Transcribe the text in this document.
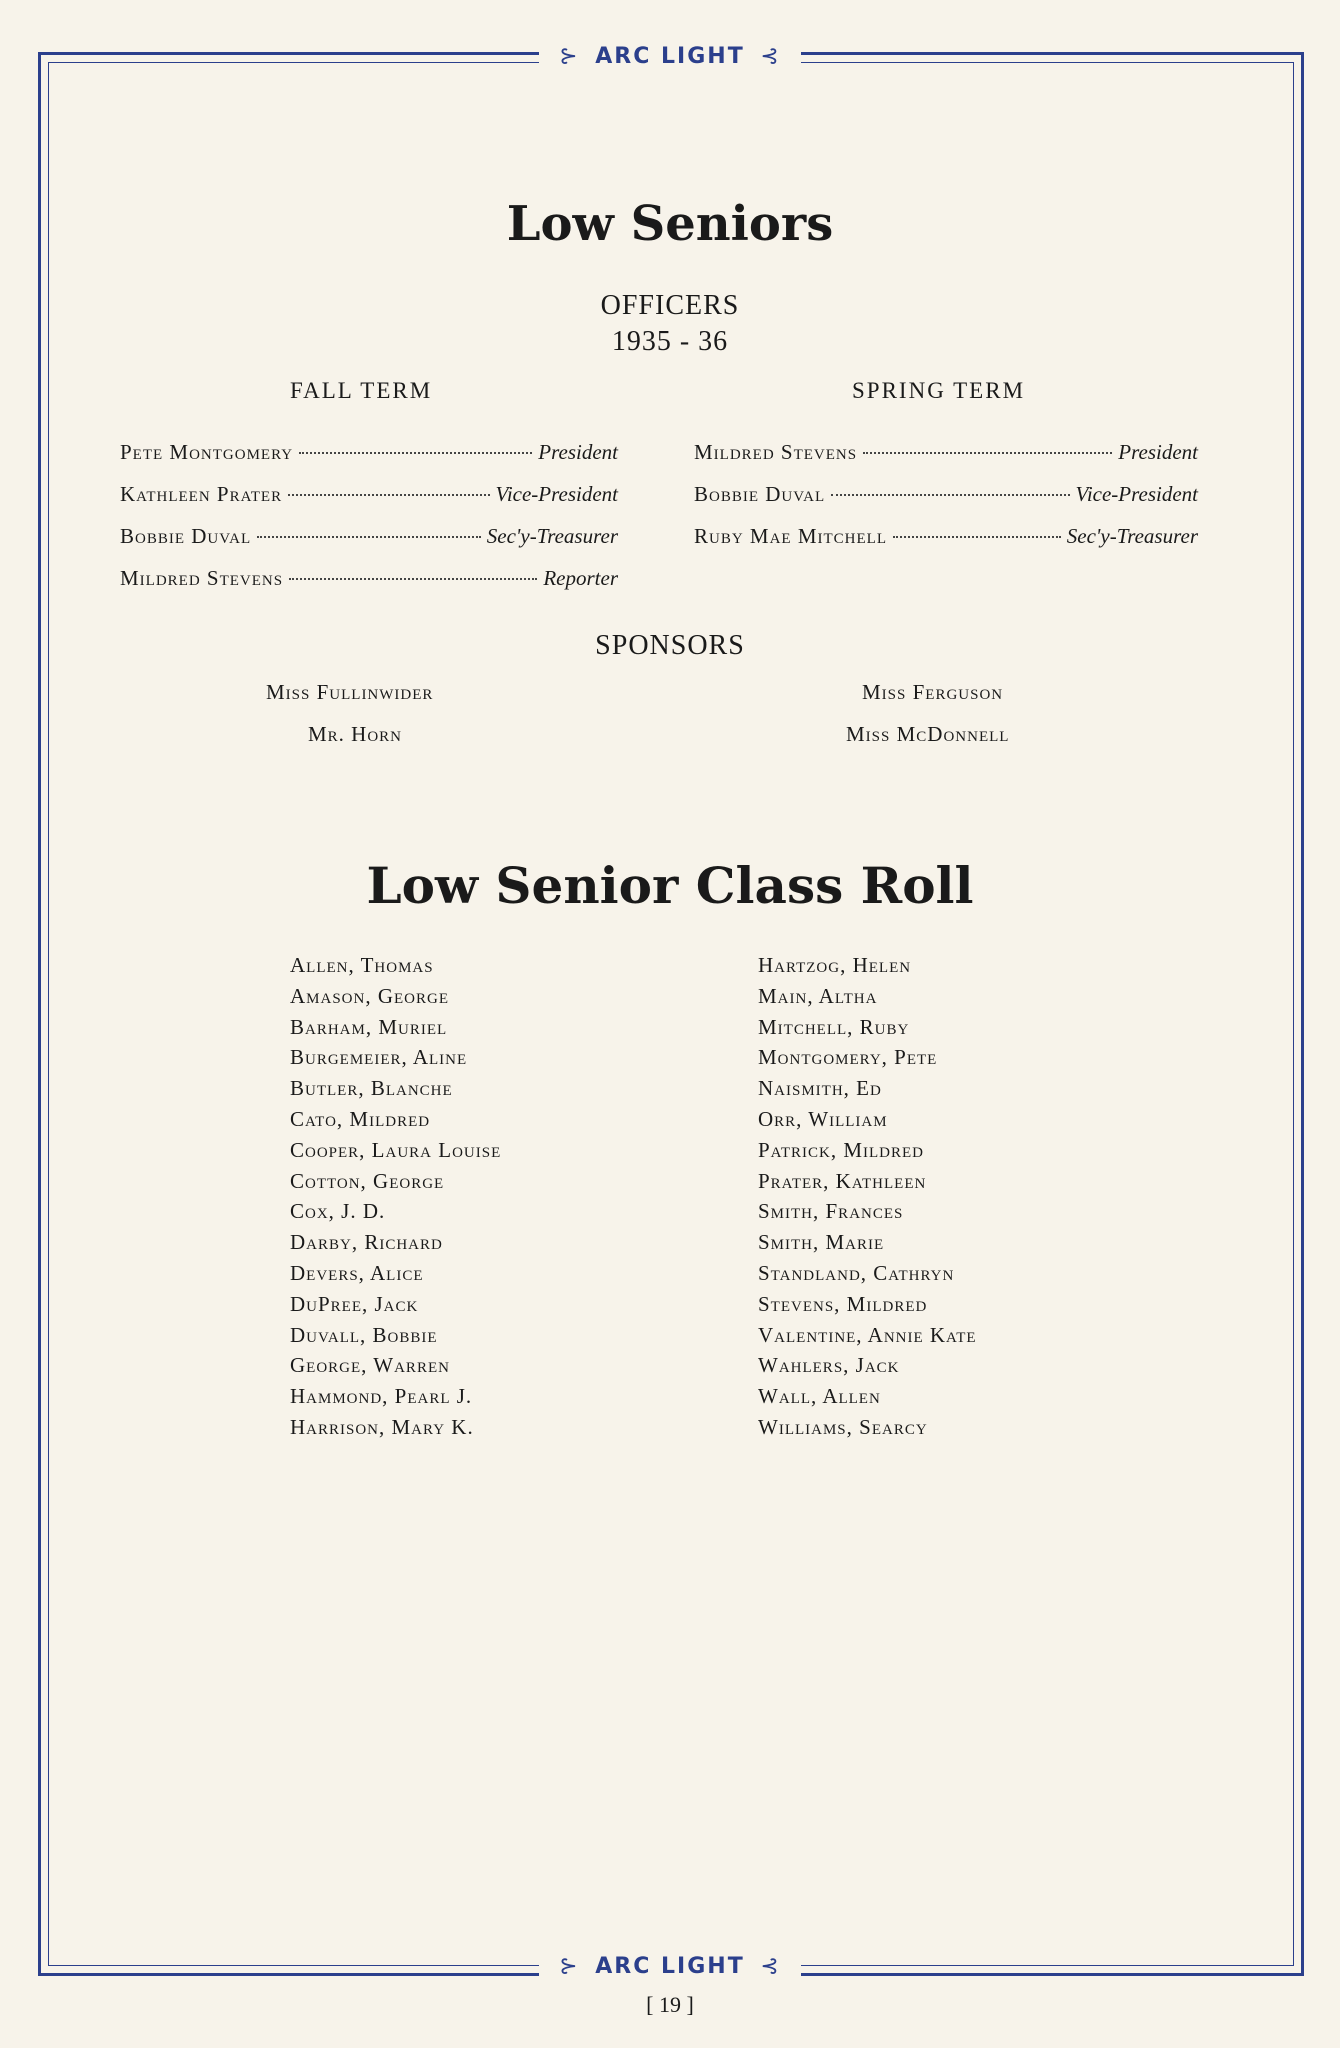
⊱ ARC LIGHT ⊰
Low Seniors
OFFICERS
1935 - 36
FALL TERM	SPRING TERM
Pete Montgomery	President
Kathleen Prater	Vice-President
Bobbie Duval	Sec'y-Treasurer
Mildred Stevens	Reporter
Mildred Stevens	President
Bobbie Duval	Vice-President
Ruby Mae Mitchell	Sec'y-Treasurer
SPONSORS
Miss Fullinwider	Miss Ferguson
Mr. Horn	Miss McDonnell
Low Senior Class Roll
Allen, Thomas
Amason, George
Barham, Muriel
Burgemeier, Aline
Butler, Blanche
Cato, Mildred
Cooper, Laura Louise
Cotton, George
Cox, J. D.
Darby, Richard
Devers, Alice
DuPree, Jack
Duvall, Bobbie
George, Warren
Hammond, Pearl J.
Harrison, Mary K.
Hartzog, Helen
Main, Altha
Mitchell, Ruby
Montgomery, Pete
Naismith, Ed
Orr, William
Patrick, Mildred
Prater, Kathleen
Smith, Frances
Smith, Marie
Standland, Cathryn
Stevens, Mildred
Valentine, Annie Kate
Wahlers, Jack
Wall, Allen
Williams, Searcy
⊱ ARC LIGHT ⊰
[ 19 ]
